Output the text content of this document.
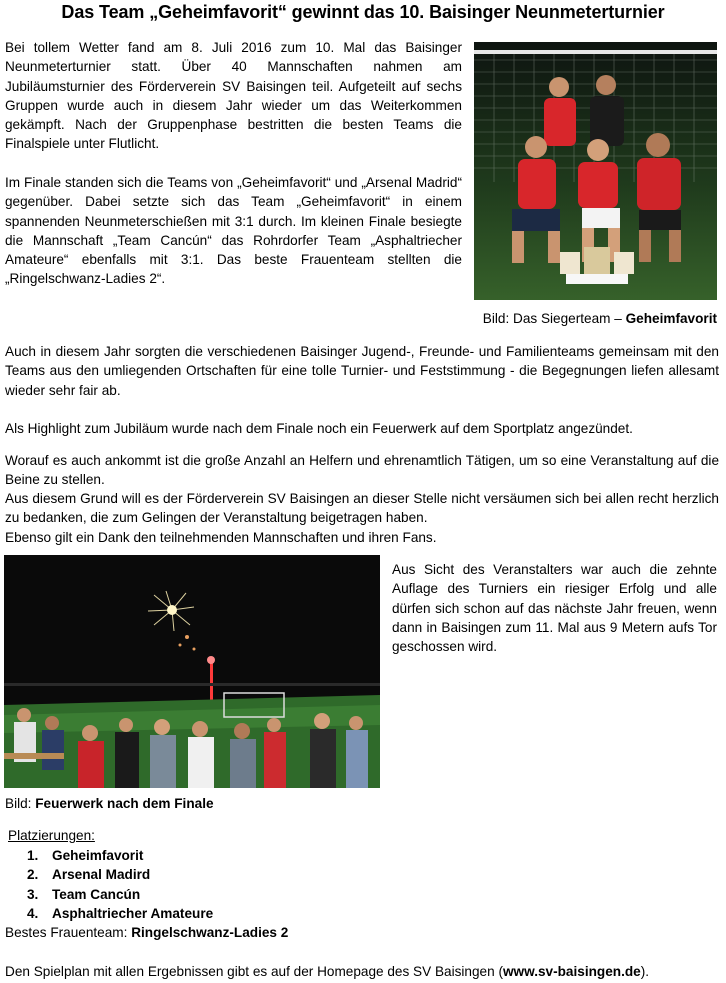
Das Team „Geheimfavorit“ gewinnt das 10. Baisinger Neunmeterturnier

Bei tollem Wetter fand am 8. Juli 2016 zum 10. Mal das Baisinger Neunmeterturnier statt. Über 40 Mannschaften nahmen am Jubiläumsturnier des Förderverein SV Baisingen teil. Aufgeteilt auf sechs Gruppen wurde auch in diesem Jahr wieder um das Weiterkommen gekämpft. Nach der Gruppenphase bestritten die besten Teams die Finalspiele unter Flutlicht.

Im Finale standen sich die Teams von „Geheimfavorit“ und „Arsenal Madrid“ gegenüber. Dabei setzte sich das Team „Geheimfavorit“ in einem spannenden Neunmeterschießen mit 3:1 durch. Im kleinen Finale besiegte die Mannschaft „Team Cancún“ das Rohrdorfer Team „Asphaltriecher Amateure“ ebenfalls mit 3:1. Das beste Frauenteam stellten die „Ringelschwanz-Ladies 2“.

Bild: Das Siegerteam – Geheimfavorit

Auch in diesem Jahr sorgten die verschiedenen Baisinger Jugend-, Freunde- und Familienteams gemeinsam mit den Teams aus den umliegenden Ortschaften für eine tolle Turnier- und Feststimmung - die Begegnungen liefen allesamt wieder sehr fair ab.

Als Highlight zum Jubiläum wurde nach dem Finale noch ein Feuerwerk auf dem Sportplatz angezündet.

Worauf es auch ankommt ist die große Anzahl an Helfern und ehrenamtlich Tätigen, um so eine Veranstaltung auf die Beine zu stellen.

Aus diesem Grund will es der Förderverein SV Baisingen an dieser Stelle nicht versäumen sich bei allen recht herzlich zu bedanken, die zum Gelingen der Veranstaltung beigetragen haben.

Ebenso gilt ein Dank den teilnehmenden Mannschaften und ihren Fans.

Bild: Feuerwerk nach dem Finale

Aus Sicht des Veranstalters war auch die zehnte Auflage des Turniers ein riesiger Erfolg und alle dürfen sich schon auf das nächste Jahr freuen, wenn dann in Baisingen zum 11. Mal aus 9 Metern aufs Tor geschossen wird.

Platzierungen:
1. Geheimfavorit
2. Arsenal Madird
3. Team Cancún
4. Asphaltriecher Amateure
Bestes Frauenteam: Ringelschwanz-Ladies 2
Den Spielplan mit allen Ergebnissen gibt es auf der Homepage des SV Baisingen (www.sv-baisingen.de).
